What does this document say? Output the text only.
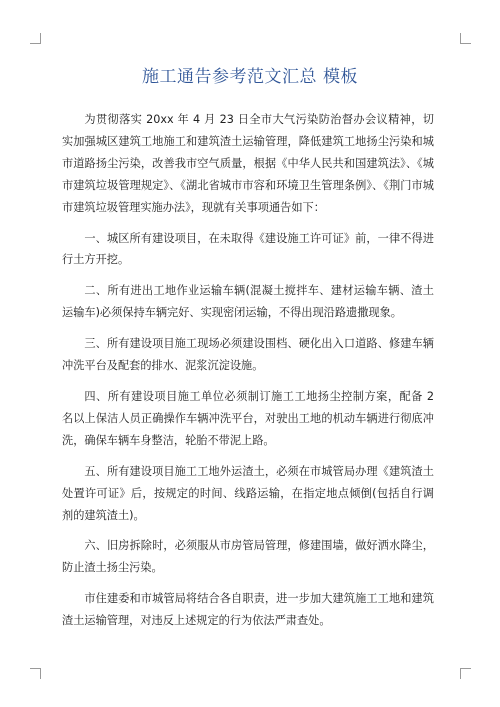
施工通告参考范文汇总 模板

为贯彻落实 20xx 年 4 月 23 日全市大气污染防治督办会议精神，切实加强城区建筑工地施工和建筑渣土运输管理，降低建筑工地扬尘污染和城市道路扬尘污染，改善我市空气质量，根据《中华人民共和国建筑法》、《城市建筑垃圾管理规定》、《湖北省城市市容和环境卫生管理条例》、《荆门市城市建筑垃圾管理实施办法》，现就有关事项通告如下：

一、城区所有建设项目，在未取得《建设施工许可证》前，一律不得进行土方开挖。

二、所有进出工地作业运输车辆(混凝土搅拌车、建材运输车辆、渣土运输车)必须保持车辆完好、实现密闭运输，不得出现沿路遗撒现象。

三、所有建设项目施工现场必须建设围档、硬化出入口道路、修建车辆冲洗平台及配套的排水、泥浆沉淀设施。

四、所有建设项目施工单位必须制订施工工地扬尘控制方案，配备 2 名以上保洁人员正确操作车辆冲洗平台，对驶出工地的机动车辆进行彻底冲洗，确保车辆车身整洁，轮胎不带泥上路。

五、所有建设项目施工工地外运渣土，必须在市城管局办理《建筑渣土处置许可证》后，按规定的时间、线路运输，在指定地点倾倒(包括自行调剂的建筑渣土)。

六、旧房拆除时，必须服从市房管局管理，修建围墙，做好洒水降尘，防止渣土扬尘污染。

市住建委和市城管局将结合各自职责，进一步加大建筑施工工地和建筑渣土运输管理，对违反上述规定的行为依法严肃查处。
